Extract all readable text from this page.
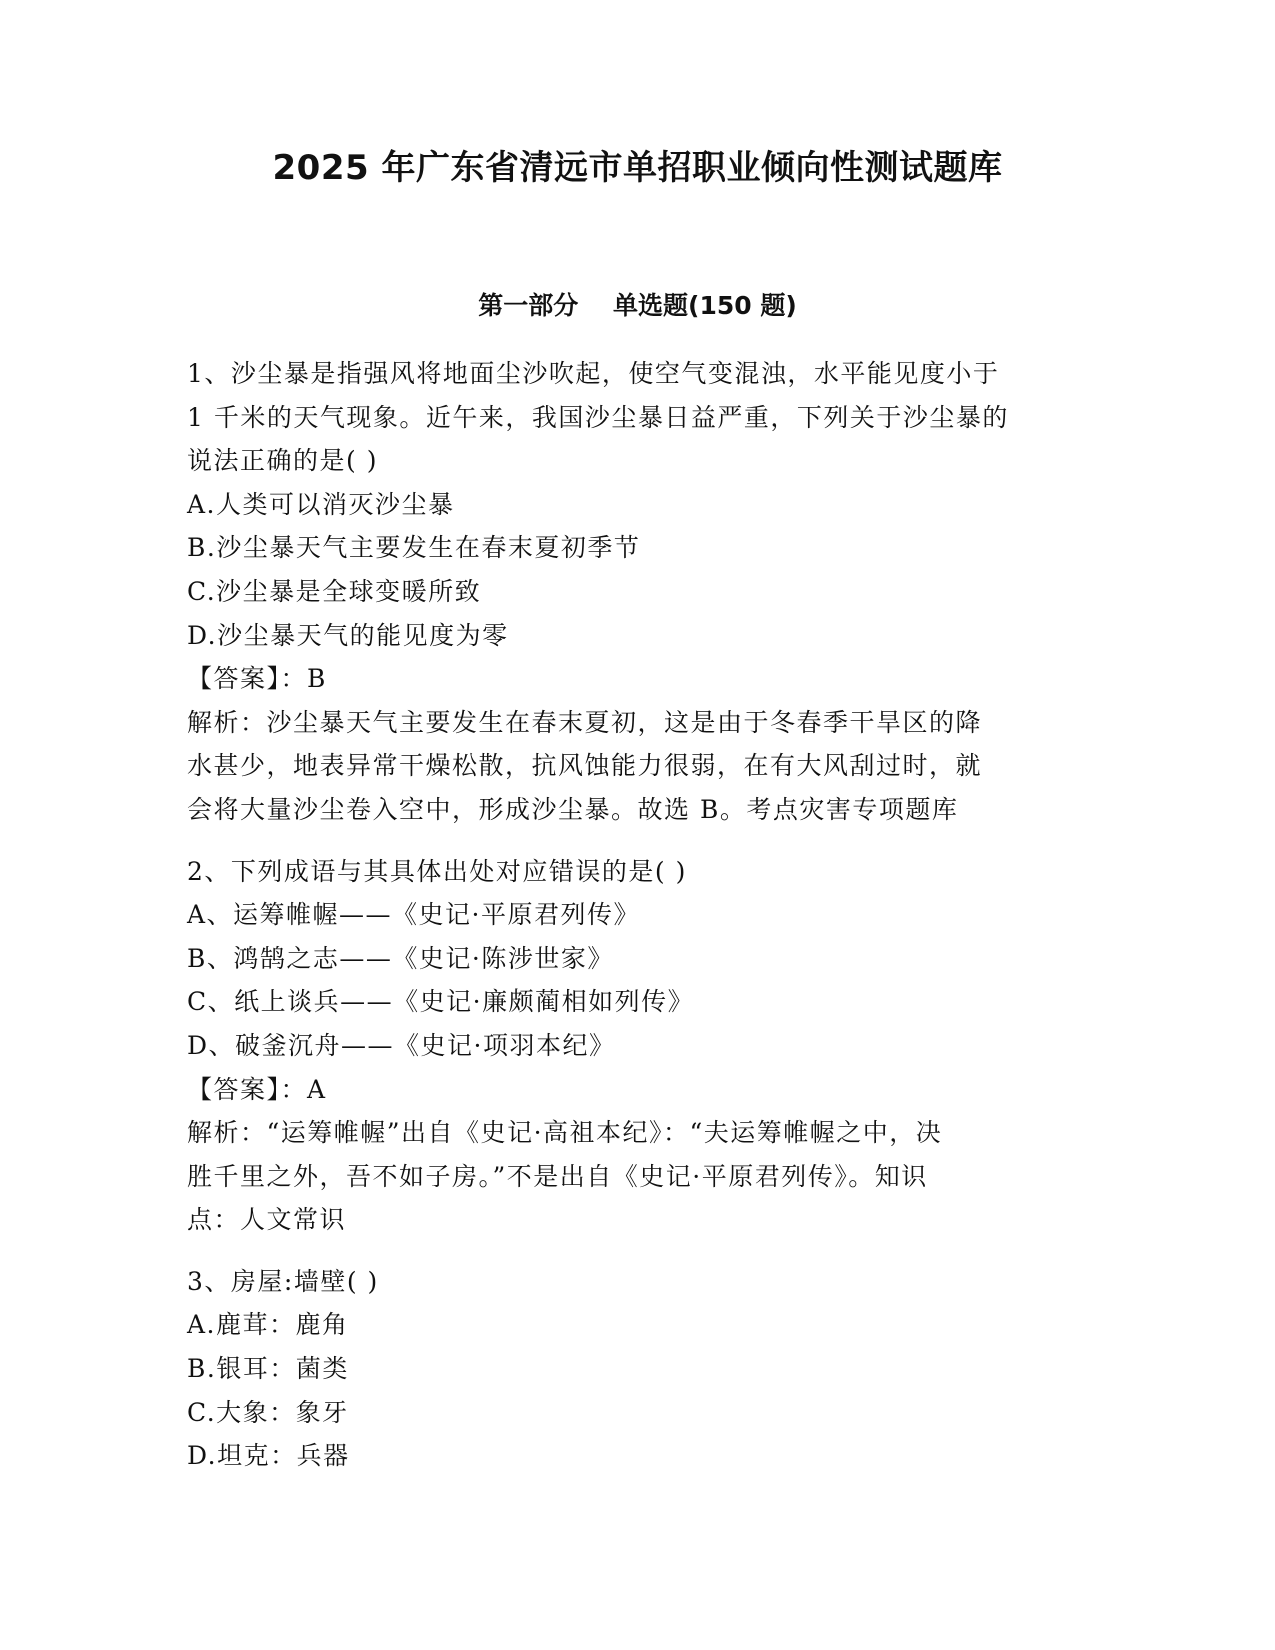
2025 年广东省清远市单招职业倾向性测试题库
第一部分    单选题(150 题)
1、沙尘暴是指强风将地面尘沙吹起，使空气变混浊，水平能见度小于
1 千米的天气现象。近午来，我国沙尘暴日益严重，下列关于沙尘暴的
说法正确的是( )
A.人类可以消灭沙尘暴
B.沙尘暴天气主要发生在春末夏初季节
C.沙尘暴是全球变暖所致
D.沙尘暴天气的能见度为零
【答案】：B
解析：沙尘暴天气主要发生在春末夏初，这是由于冬春季干旱区的降
水甚少，地表异常干燥松散，抗风蚀能力很弱，在有大风刮过时，就
会将大量沙尘卷入空中，形成沙尘暴。故选 B。考点灾害专项题库
2、下列成语与其具体出处对应错误的是( )
A、运筹帷幄——《史记·平原君列传》
B、鸿鹄之志——《史记·陈涉世家》
C、纸上谈兵——《史记·廉颇蔺相如列传》
D、破釜沉舟——《史记·项羽本纪》
【答案】：A
解析：“运筹帷幄”出自《史记·高祖本纪》：“夫运筹帷幄之中，决
胜千里之外，吾不如子房。”不是出自《史记·平原君列传》。知识
点：人文常识
3、房屋:墙壁( )
A.鹿茸：鹿角
B.银耳：菌类
C.大象：象牙
D.坦克：兵器
